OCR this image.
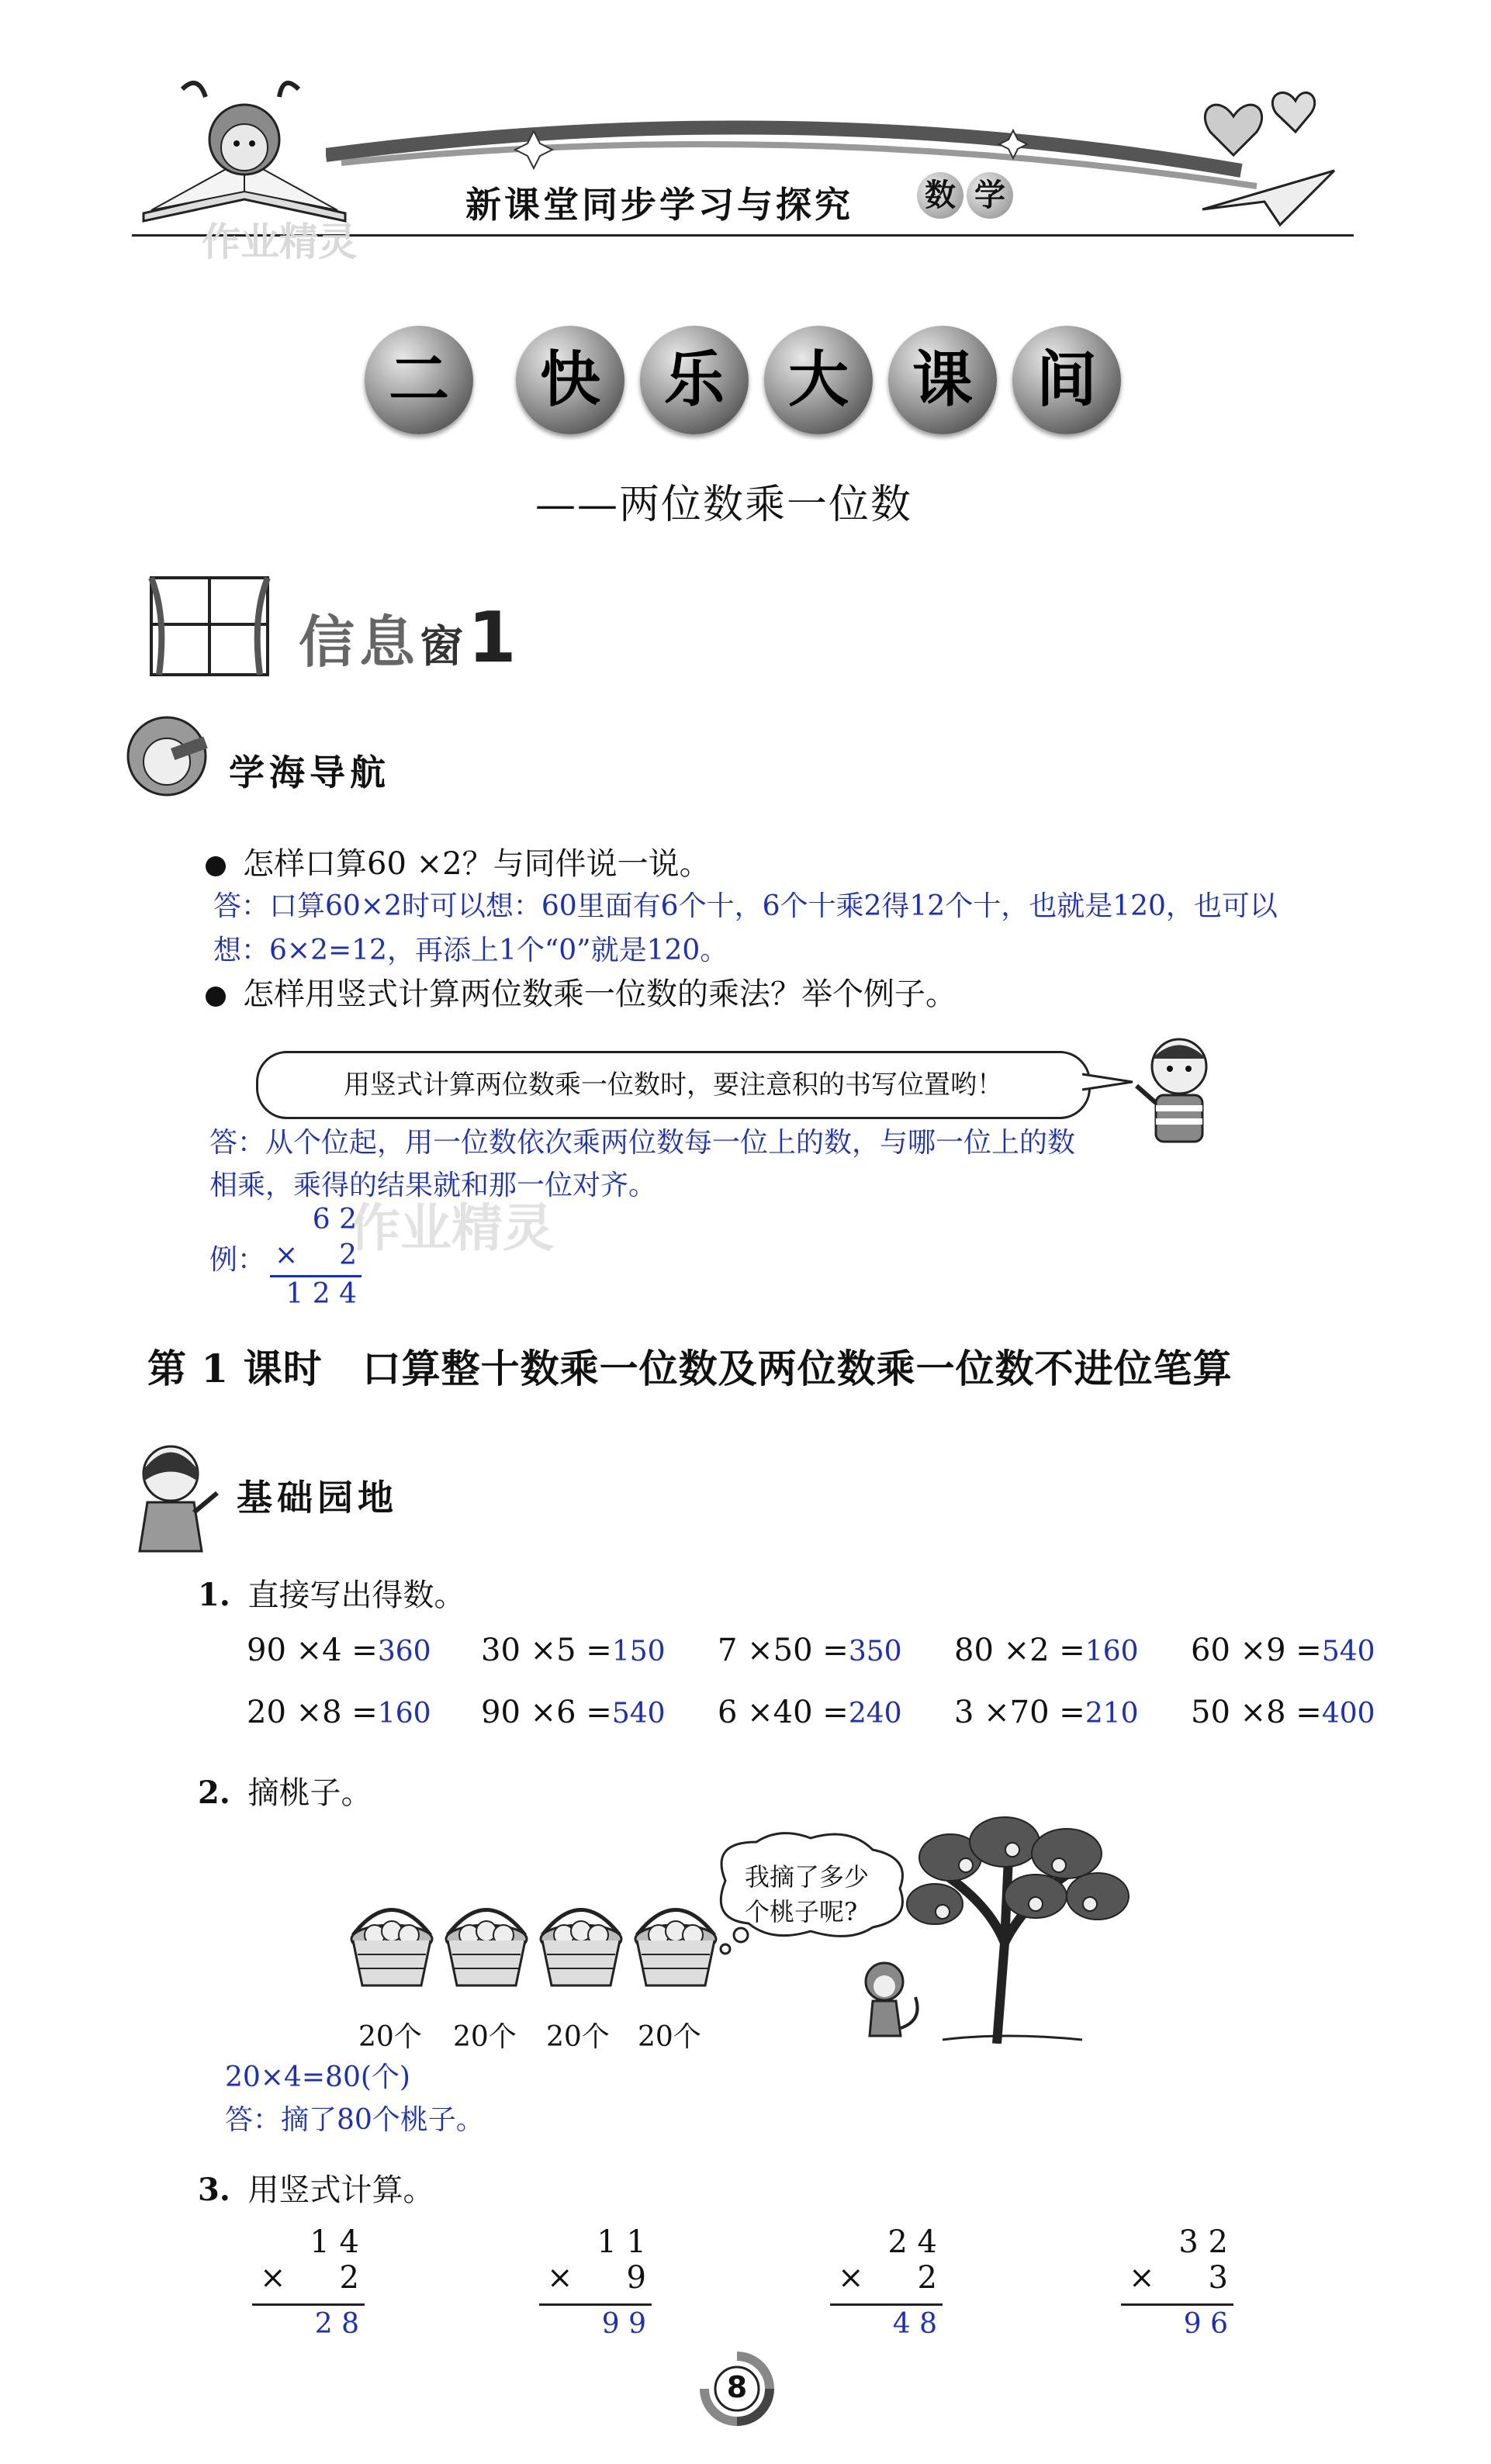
新课堂同步学习与探究 数 学
作业精灵
二	快	乐	大	课	间
——两位数乘一位数
信息窗1
学海导航
怎样口算60 ×2？与同伴说一说。
答：口算60×2时可以想：60里面有6个十，6个十乘2得12个十，也就是120，也可以
想：6×2=12，再添上1个“0”就是120。
怎样用竖式计算两位数乘一位数的乘法？举个例子。
用竖式计算两位数乘一位数时，要注意积的书写位置哟！
答：从个位起，用一位数依次乘两位数每一位上的数，与哪一位上的数
相乘，乘得的结果就和那一位对齐。
作业精灵
例：
6 2
× 2
1 2 4
第 1 课时　口算整十数乘一位数及两位数乘一位数不进位笔算
基础园地
1. 直接写出得数。
90 ×4 =360 30 ×5 =150 7 ×50 =350 80 ×2 =160 60 ×9 =540
20 ×8 =160 90 ×6 =540 6 ×40 =240 3 ×70 =210 50 ×8 =400
2. 摘桃子。
20个 20个 20个 20个
我摘了多少
个桃子呢?
20×4=80(个)
答：摘了80个桃子。
3. 用竖式计算。
1 4
× 2
2 8
1 1
× 9
9 9
2 4
× 2
4 8
3 2
× 3
9 6
8
